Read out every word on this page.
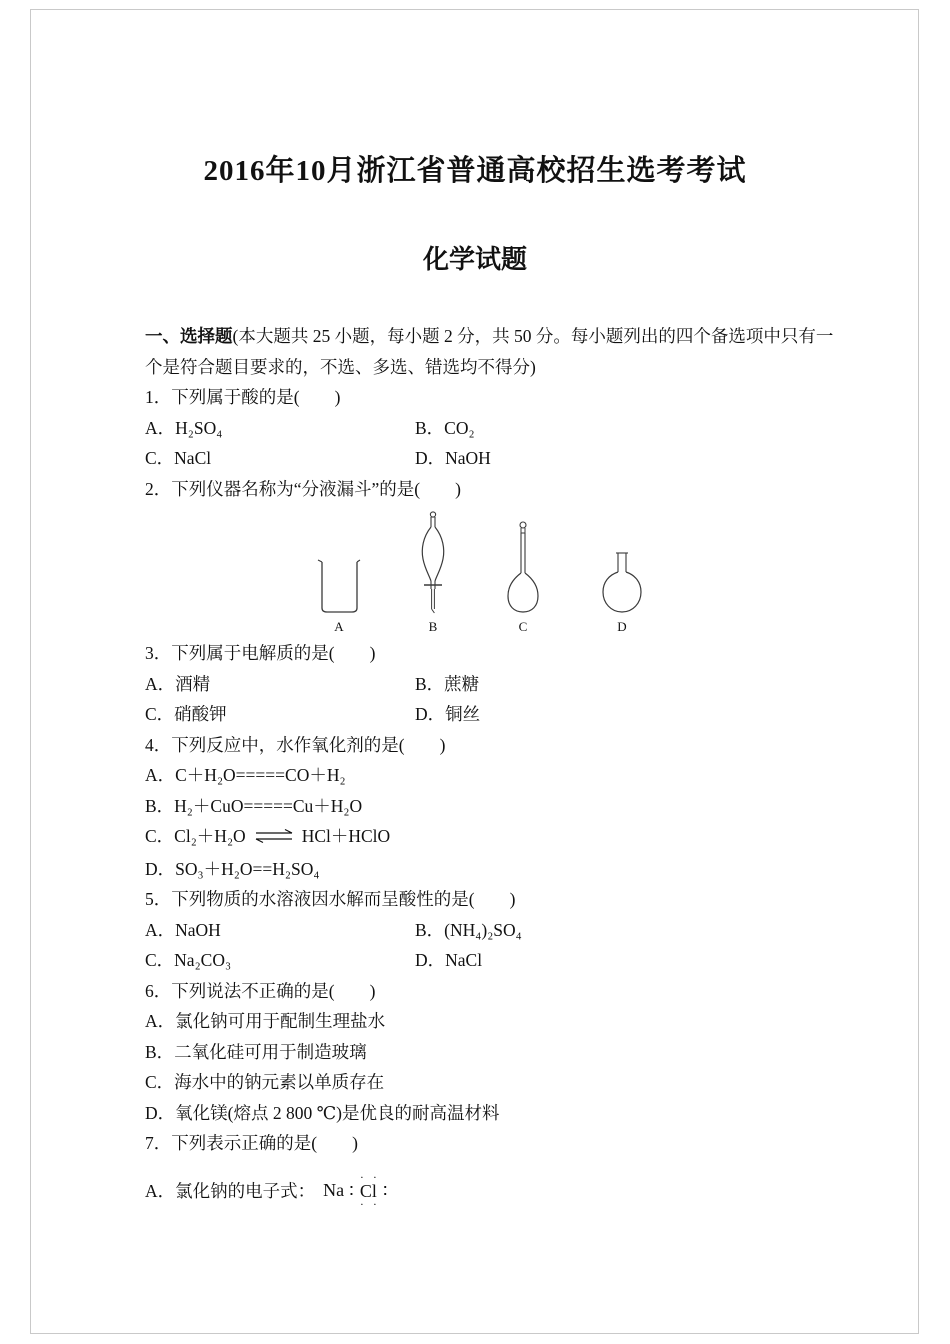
2016年10月浙江省普通高校招生选考考试
化学试题
一、选择题(本大题共 25 小题，每小题 2 分，共 50 分。每小题列出的四个备选项中只有一
个是符合题目要求的，不选、多选、错选均不得分)
1．下列属于酸的是(　　)
A．H₂SO₄	B．CO₂
C．NaCl	D．NaOH
2．下列仪器名称为“分液漏斗”的是(　　)
A	B	C	D
3．下列属于电解质的是(　　)
A．酒精	B．蔗糖
C．硝酸钾	D．铜丝
4．下列反应中，水作氧化剂的是(　　)
A．C＋H₂O=====CO＋H₂
B．H₂＋CuO=====Cu＋H₂O
C．Cl₂＋H₂O ⇌ HCl＋HClO
D．SO₃＋H₂O==H₂SO₄
5．下列物质的水溶液因水解而呈酸性的是(　　)
A．NaOH	B．(NH₄)₂SO₄
C．Na₂CO₃	D．NaCl
6．下列说法不正确的是(　　)
A．氯化钠可用于配制生理盐水
B．二氧化硅可用于制造玻璃
C．海水中的钠元素以单质存在
D．氧化镁(熔点 2 800 ℃)是优良的耐高温材料
7．下列表示正确的是(　　)
A．氯化钠的电子式： Na
· ·
∶ Cl ∶
· ·
